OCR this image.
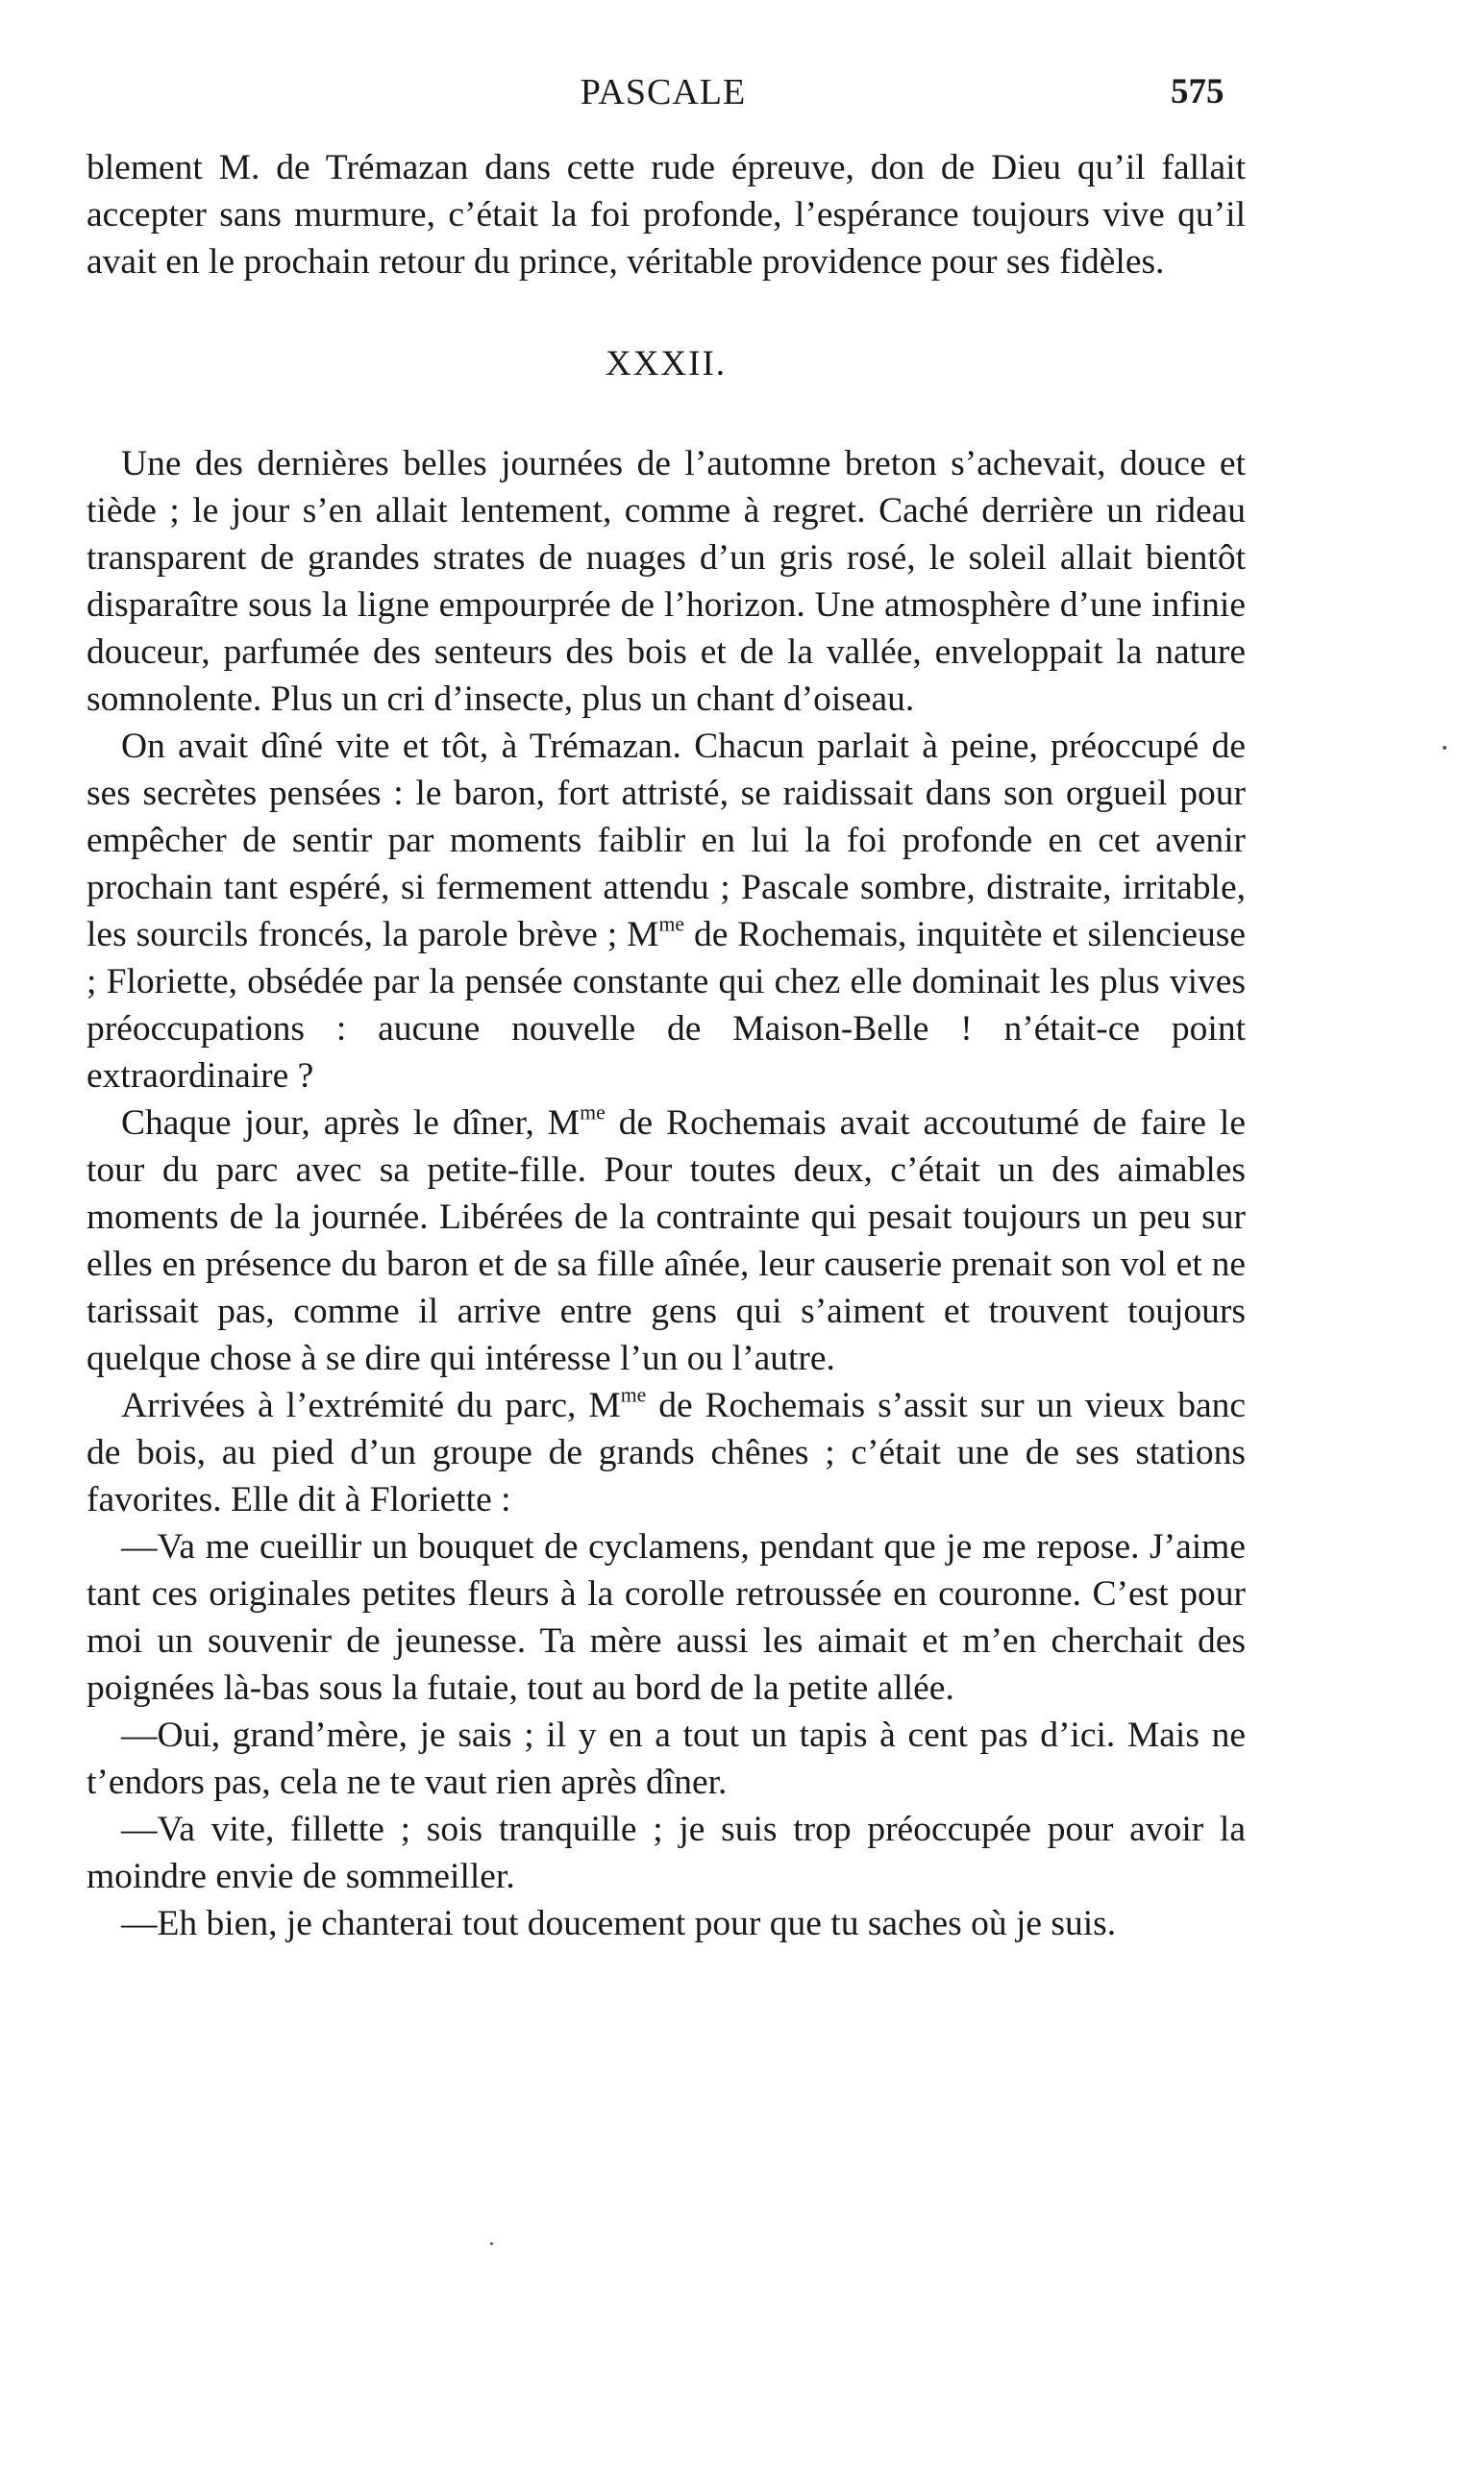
PASCALE	575

blement M. de Trémazan dans cette rude épreuve, don de Dieu qu’il fallait accepter sans murmure, c’était la foi profonde, l’espérance toujours vive qu’il avait en le prochain retour du prince, véritable providence pour ses fidèles.

XXXII.

Une des dernières belles journées de l’automne breton s’achevait, douce et tiède ; le jour s’en allait lentement, comme à regret. Caché derrière un rideau transparent de grandes strates de nuages d’un gris rosé, le soleil allait bientôt disparaître sous la ligne empourprée de l’horizon. Une atmosphère d’une infinie douceur, parfumée des senteurs des bois et de la vallée, enveloppait la nature somnolente. Plus un cri d’insecte, plus un chant d’oiseau.

On avait dîné vite et tôt, à Trémazan. Chacun parlait à peine, préoccupé de ses secrètes pensées : le baron, fort attristé, se raidissait dans son orgueil pour empêcher de sentir par moments faiblir en lui la foi profonde en cet avenir prochain tant espéré, si fermement attendu ; Pascale sombre, distraite, irritable, les sourcils froncés, la parole brève ; $M^{me}$ de Rochemais, inquitète et silencieuse ; Floriette, obsédée par la pensée constante qui chez elle dominait les plus vives préoccupations : aucune nouvelle de Maison-Belle ! n’était-ce point extraordinaire ?

Chaque jour, après le dîner, $M^{me}$ de Rochemais avait accoutumé de faire le tour du parc avec sa petite-fille. Pour toutes deux, c’était un des aimables moments de la journée. Libérées de la contrainte qui pesait toujours un peu sur elles en présence du baron et de sa fille aînée, leur causerie prenait son vol et ne tarissait pas, comme il arrive entre gens qui s’aiment et trouvent toujours quelque chose à se dire qui intéresse l’un ou l’autre.

Arrivées à l’extrémité du parc, $M^{me}$ de Rochemais s’assit sur un vieux banc de bois, au pied d’un groupe de grands chênes ; c’était une de ses stations favorites. Elle dit à Floriette :

—Va me cueillir un bouquet de cyclamens, pendant que je me repose. J’aime tant ces originales petites fleurs à la corolle retroussée en couronne. C’est pour moi un souvenir de jeunesse. Ta mère aussi les aimait et m’en cherchait des poignées là-bas sous la futaie, tout au bord de la petite allée.

—Oui, grand’mère, je sais ; il y en a tout un tapis à cent pas d’ici. Mais ne t’endors pas, cela ne te vaut rien après dîner.

—Va vite, fillette ; sois tranquille ; je suis trop préoccupée pour avoir la moindre envie de sommeiller.

—Eh bien, je chanterai tout doucement pour que tu saches où je suis.
